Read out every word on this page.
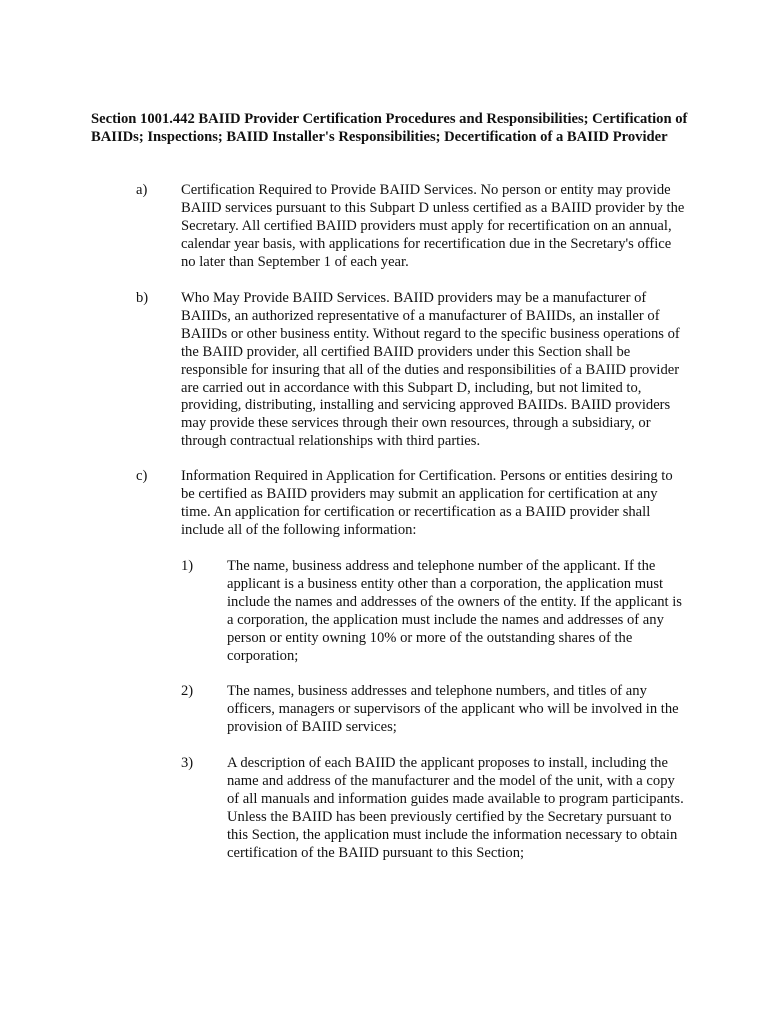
Section 1001.442 BAIID Provider Certification Procedures and Responsibilities; Certification of BAIIDs; Inspections; BAIID Installer's Responsibilities; Decertification of a BAIID Provider
a) Certification Required to Provide BAIID Services. No person or entity may provide BAIID services pursuant to this Subpart D unless certified as a BAIID provider by the Secretary. All certified BAIID providers must apply for recertification on an annual, calendar year basis, with applications for recertification due in the Secretary's office no later than September 1 of each year.
b) Who May Provide BAIID Services. BAIID providers may be a manufacturer of BAIIDs, an authorized representative of a manufacturer of BAIIDs, an installer of BAIIDs or other business entity. Without regard to the specific business operations of the BAIID provider, all certified BAIID providers under this Section shall be responsible for insuring that all of the duties and responsibilities of a BAIID provider are carried out in accordance with this Subpart D, including, but not limited to, providing, distributing, installing and servicing approved BAIIDs. BAIID providers may provide these services through their own resources, through a subsidiary, or through contractual relationships with third parties.
c) Information Required in Application for Certification. Persons or entities desiring to be certified as BAIID providers may submit an application for certification at any time. An application for certification or recertification as a BAIID provider shall include all of the following information:
1) The name, business address and telephone number of the applicant. If the applicant is a business entity other than a corporation, the application must include the names and addresses of the owners of the entity. If the applicant is a corporation, the application must include the names and addresses of any person or entity owning 10% or more of the outstanding shares of the corporation;
2) The names, business addresses and telephone numbers, and titles of any officers, managers or supervisors of the applicant who will be involved in the provision of BAIID services;
3) A description of each BAIID the applicant proposes to install, including the name and address of the manufacturer and the model of the unit, with a copy of all manuals and information guides made available to program participants. Unless the BAIID has been previously certified by the Secretary pursuant to this Section, the application must include the information necessary to obtain certification of the BAIID pursuant to this Section;
